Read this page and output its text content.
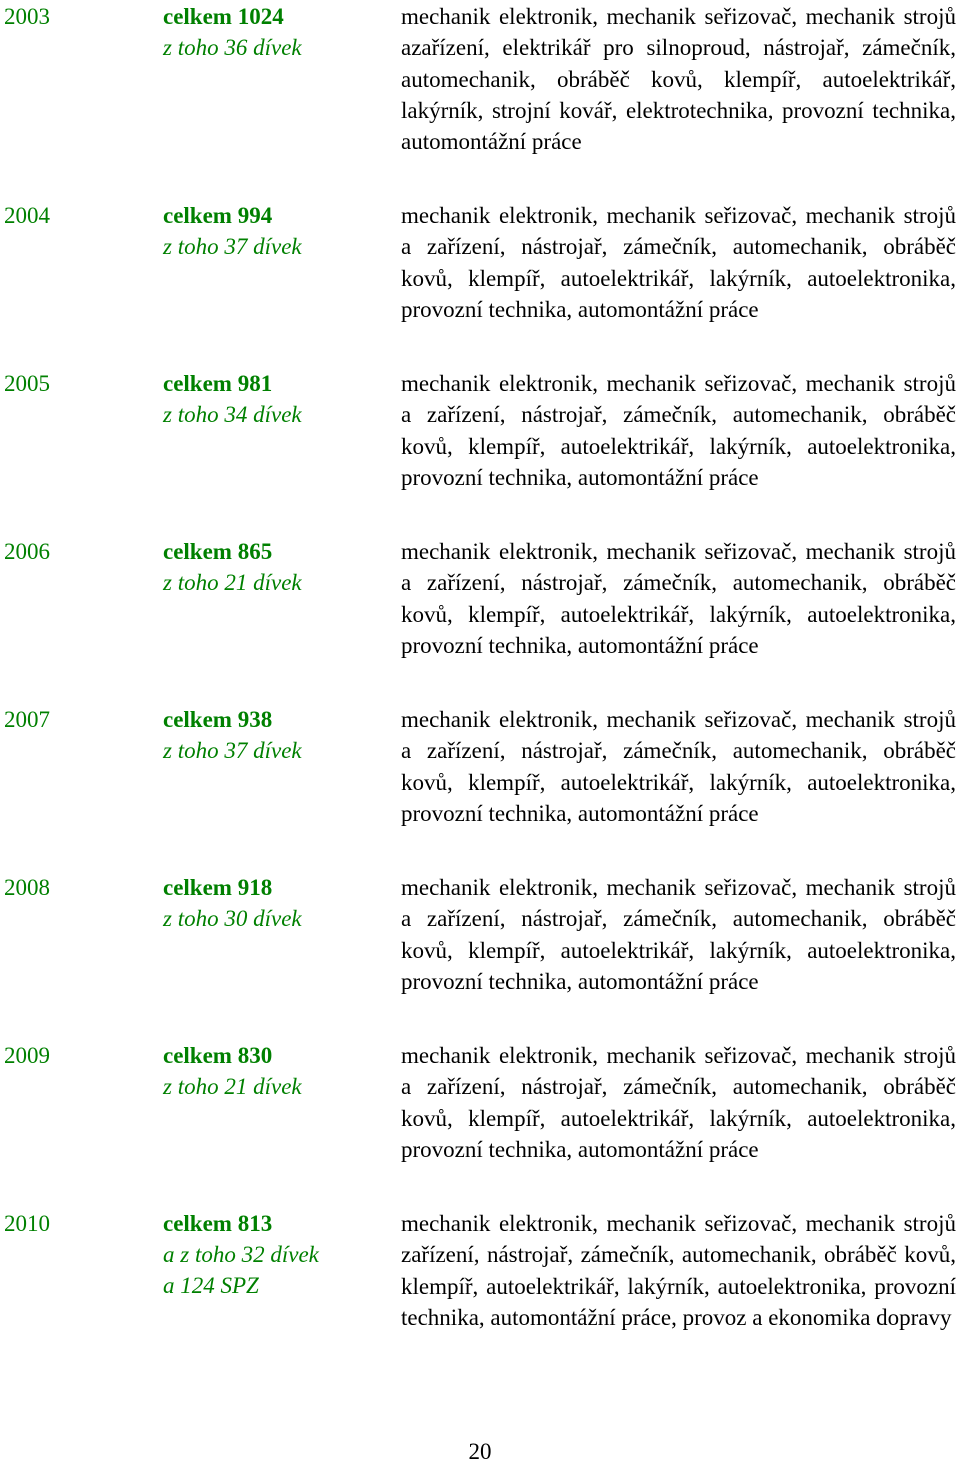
2003	celkem 1024
z toho 36 dívek
mechanik elektronik, mechanik seřizovač, mechanik strojů azařízení, elektrikář pro silnoproud, nástrojař, zámečník, automechanik, obráběč kovů, klempíř, autoelektrikář, lakýrník, strojní kovář, elektrotechnika, provozní technika, automontážní práce
2004	celkem 994
z toho 37 dívek
mechanik elektronik, mechanik seřizovač, mechanik strojů a zařízení, nástrojař, zámečník, automechanik, obráběč kovů, klempíř, autoelektrikář, lakýrník, autoelektronika, provozní technika, automontážní práce
2005	celkem 981
z toho 34 dívek
mechanik elektronik, mechanik seřizovač, mechanik strojů a zařízení, nástrojař, zámečník, automechanik, obráběč kovů, klempíř, autoelektrikář, lakýrník, autoelektronika, provozní technika, automontážní práce
2006	celkem 865
z toho 21 dívek
mechanik elektronik, mechanik seřizovač, mechanik strojů a zařízení, nástrojař, zámečník, automechanik, obráběč kovů, klempíř, autoelektrikář, lakýrník, autoelektronika, provozní technika, automontážní práce
2007	celkem 938
z toho 37 dívek
mechanik elektronik, mechanik seřizovač, mechanik strojů a zařízení, nástrojař, zámečník, automechanik, obráběč kovů, klempíř, autoelektrikář, lakýrník, autoelektronika, provozní technika, automontážní práce
2008	celkem 918
z toho 30 dívek
mechanik elektronik, mechanik seřizovač, mechanik strojů a zařízení, nástrojař, zámečník, automechanik, obráběč kovů, klempíř, autoelektrikář, lakýrník, autoelektronika, provozní technika, automontážní práce
2009	celkem 830
z toho 21 dívek
mechanik elektronik, mechanik seřizovač, mechanik strojů a zařízení, nástrojař, zámečník, automechanik, obráběč kovů, klempíř, autoelektrikář, lakýrník, autoelektronika, provozní technika, automontážní práce
2010	celkem 813
a z toho 32 dívek
a 124 SPZ
mechanik elektronik, mechanik seřizovač, mechanik strojů zařízení, nástrojař, zámečník, automechanik, obráběč kovů, klempíř, autoelektrikář, lakýrník, autoelektronika, provozní technika, automontážní práce, provoz a ekonomika dopravy
20
